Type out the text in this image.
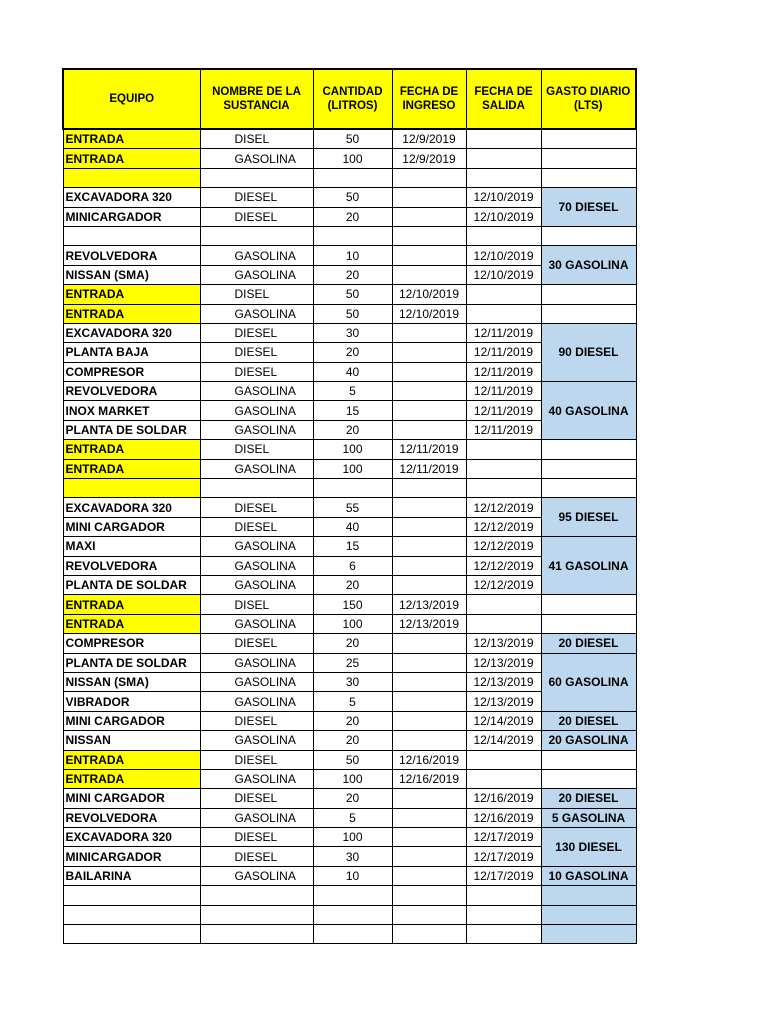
EQUIPO	NOMBRE DE LA SUSTANCIA	CANTIDAD (LITROS)	FECHA DE INGRESO	FECHA DE SALIDA	GASTO DIARIO (LTS)
ENTRADA	DISEL	50	12/9/2019		
ENTRADA	GASOLINA	100	12/9/2019		

EXCAVADORA 320	DIESEL	50		12/10/2019	70 DIESEL
MINICARGADOR	DIESEL	20		12/10/2019	

REVOLVEDORA	GASOLINA	10		12/10/2019	30 GASOLINA
NISSAN (SMA)	GASOLINA	20		12/10/2019	
ENTRADA	DISEL	50	12/10/2019		
ENTRADA	GASOLINA	50	12/10/2019		
EXCAVADORA 320	DIESEL	30		12/11/2019	90 DIESEL
PLANTA BAJA	DIESEL	20		12/11/2019	
COMPRESOR	DIESEL	40		12/11/2019	
REVOLVEDORA	GASOLINA	5		12/11/2019	40 GASOLINA
INOX MARKET	GASOLINA	15		12/11/2019	
PLANTA DE SOLDAR	GASOLINA	20		12/11/2019	
ENTRADA	DISEL	100	12/11/2019		
ENTRADA	GASOLINA	100	12/11/2019		

EXCAVADORA 320	DIESEL	55		12/12/2019	95 DIESEL
MINI CARGADOR	DIESEL	40		12/12/2019	
MAXI	GASOLINA	15		12/12/2019	41 GASOLINA
REVOLVEDORA	GASOLINA	6		12/12/2019	
PLANTA DE SOLDAR	GASOLINA	20		12/12/2019	
ENTRADA	DISEL	150	12/13/2019		
ENTRADA	GASOLINA	100	12/13/2019		
COMPRESOR	DIESEL	20		12/13/2019	20 DIESEL
PLANTA DE SOLDAR	GASOLINA	25		12/13/2019	60 GASOLINA
NISSAN (SMA)	GASOLINA	30		12/13/2019	
VIBRADOR	GASOLINA	5		12/13/2019	
MINI CARGADOR	DIESEL	20		12/14/2019	20 DIESEL
NISSAN	GASOLINA	20		12/14/2019	20 GASOLINA
ENTRADA	DIESEL	50	12/16/2019		
ENTRADA	GASOLINA	100	12/16/2019		
MINI CARGADOR	DIESEL	20		12/16/2019	20 DIESEL
REVOLVEDORA	GASOLINA	5		12/16/2019	5 GASOLINA
EXCAVADORA 320	DIESEL	100		12/17/2019	130 DIESEL
MINICARGADOR	DIESEL	30		12/17/2019	
BAILARINA	GASOLINA	10		12/17/2019	10 GASOLINA
